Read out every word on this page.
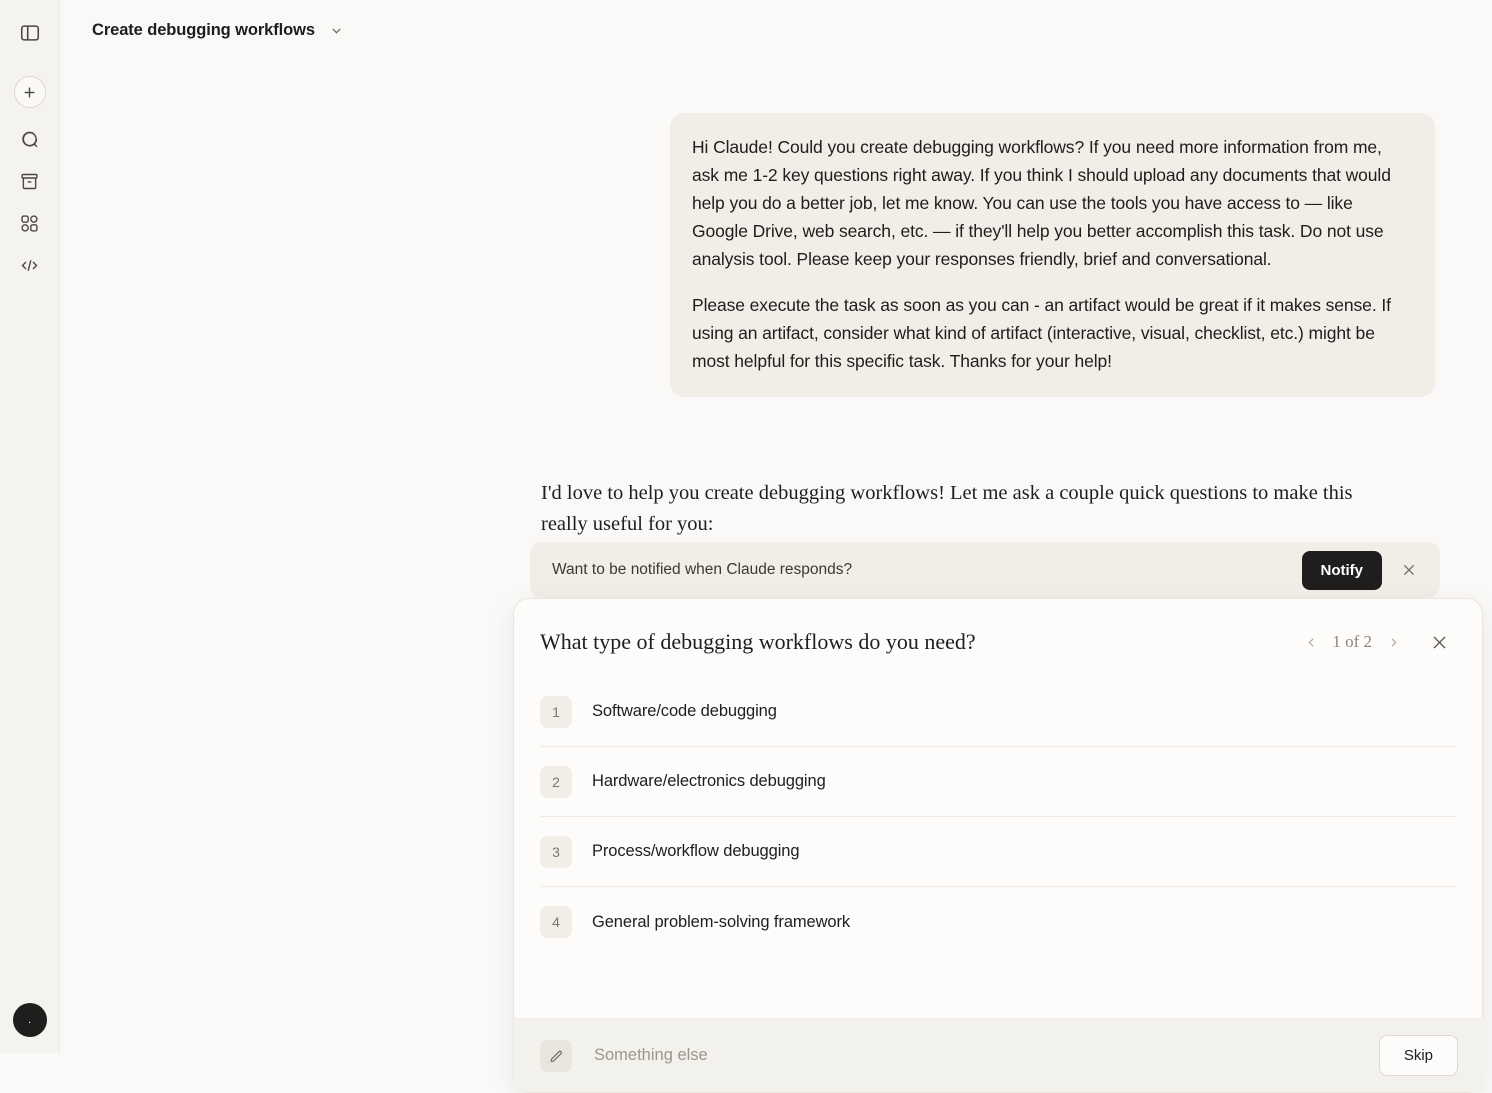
.
Create debugging workflows

Hi Claude! Could you create debugging workflows? If you need more information from me, ask me 1-2 key questions right away. If you think I should upload any documents that would help you do a better job, let me know. You can use the tools you have access to — like Google Drive, web search, etc. — if they'll help you better accomplish this task. Do not use analysis tool. Please keep your responses friendly, brief and conversational.

Please execute the task as soon as you can - an artifact would be great if it makes sense. If using an artifact, consider what kind of artifact (interactive, visual, checklist, etc.) might be most helpful for this specific task. Thanks for your help!

I'd love to help you create debugging workflows! Let me ask a couple quick questions to make this really useful for you:
Want to be notified when Claude responds?	Notify
What type of debugging workflows do you need?	1 of 2
1	Software/code debugging
2	Hardware/electronics debugging
3	Process/workflow debugging
4	General problem-solving framework
Something else
Skip
